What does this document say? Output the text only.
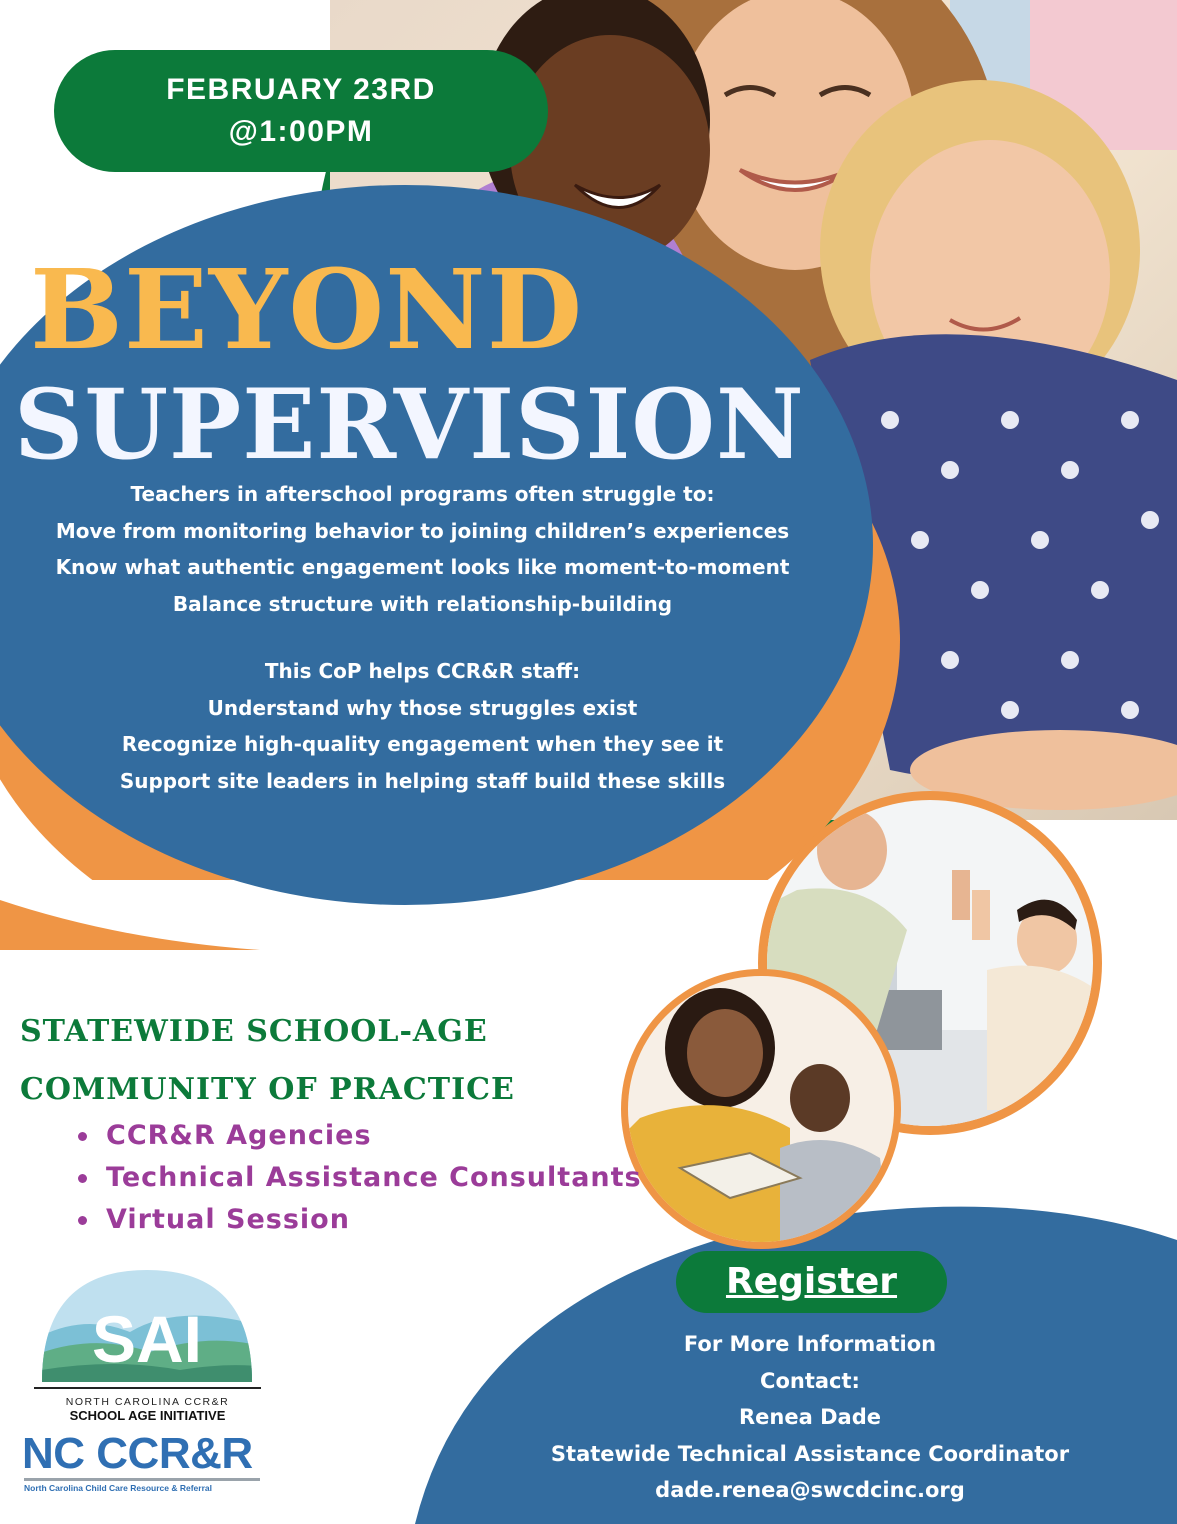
FEBRUARY 23RD
@1:00PM
BEYOND
SUPERVISION
Teachers in afterschool programs often struggle to:
Move from monitoring behavior to joining children’s experiences
Know what authentic engagement looks like moment-to-moment
Balance structure with relationship-building
This CoP helps CCR&R staff:
Understand why those struggles exist
Recognize high-quality engagement when they see it
Support site leaders in helping staff build these skills
STATEWIDE SCHOOL-AGE
COMMUNITY OF PRACTICE
CCR&R Agencies
Technical Assistance Consultants
Virtual Session
Register
For More Information
Contact:
Renea Dade
Statewide Technical Assistance Coordinator
dade.renea@swcdcinc.org
SAI
NORTH CAROLINA CCR&R
SCHOOL AGE INITIATIVE
NC CCR&R
North Carolina Child Care Resource & Referral
